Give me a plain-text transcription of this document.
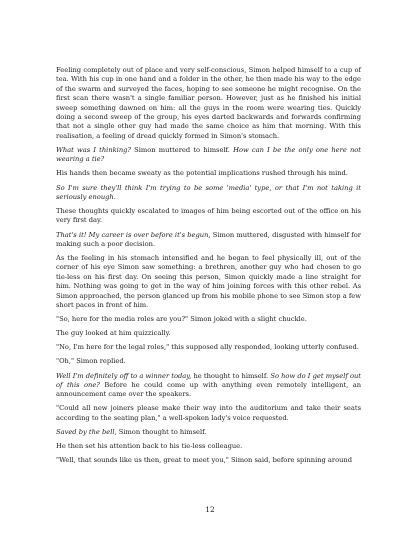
Feeling completely out of place and very self-conscious, Simon helped himself to a cup of tea. With his cup in one hand and a folder in the other, he then made his way to the edge of the swarm and surveyed the faces, hoping to see someone he might recognise. On the first scan there wasn't a single familiar person. However, just as he finished his initial sweep something dawned on him: all the guys in the room were wearing ties. Quickly doing a second sweep of the group, his eyes darted backwards and forwards confirming that not a single other guy had made the same choice as him that morning. With this realisation, a feeling of dread quickly formed in Simon's stomach.

What was I thinking? Simon muttered to himself. How can I be the only one here not wearing a tie?

His hands then became sweaty as the potential implications rushed through his mind.

So I'm sure they'll think I'm trying to be some 'media' type, or that I'm not taking it seriously enough.

These thoughts quickly escalated to images of him being escorted out of the office on his very first day.

That's it! My career is over before it's begun, Simon muttered, disgusted with himself for making such a poor decision.

As the feeling in his stomach intensified and he began to feel physically ill, out of the corner of his eye Simon saw something: a brethren, another guy who had chosen to go tie-less on his first day. On seeing this person, Simon quickly made a line straight for him. Nothing was going to get in the way of him joining forces with this other rebel. As Simon approached, the person glanced up from his mobile phone to see Simon stop a few short paces in front of him.

"So, here for the media roles are you?" Simon joked with a slight chuckle.

The guy looked at him quizzically.

"No, I'm here for the legal roles," this supposed ally responded, looking utterly confused.

"Oh," Simon replied.

Well I'm definitely off to a winner today, he thought to himself. So how do I get myself out of this one? Before he could come up with anything even remotely intelligent, an announcement came over the speakers.

"Could all new joiners please make their way into the auditorium and take their seats according to the seating plan," a well-spoken lady's voice requested.

Saved by the bell, Simon thought to himself.

He then set his attention back to his tie-less colleague.

"Well, that sounds like us then, great to meet you," Simon said, before spinning around

12
